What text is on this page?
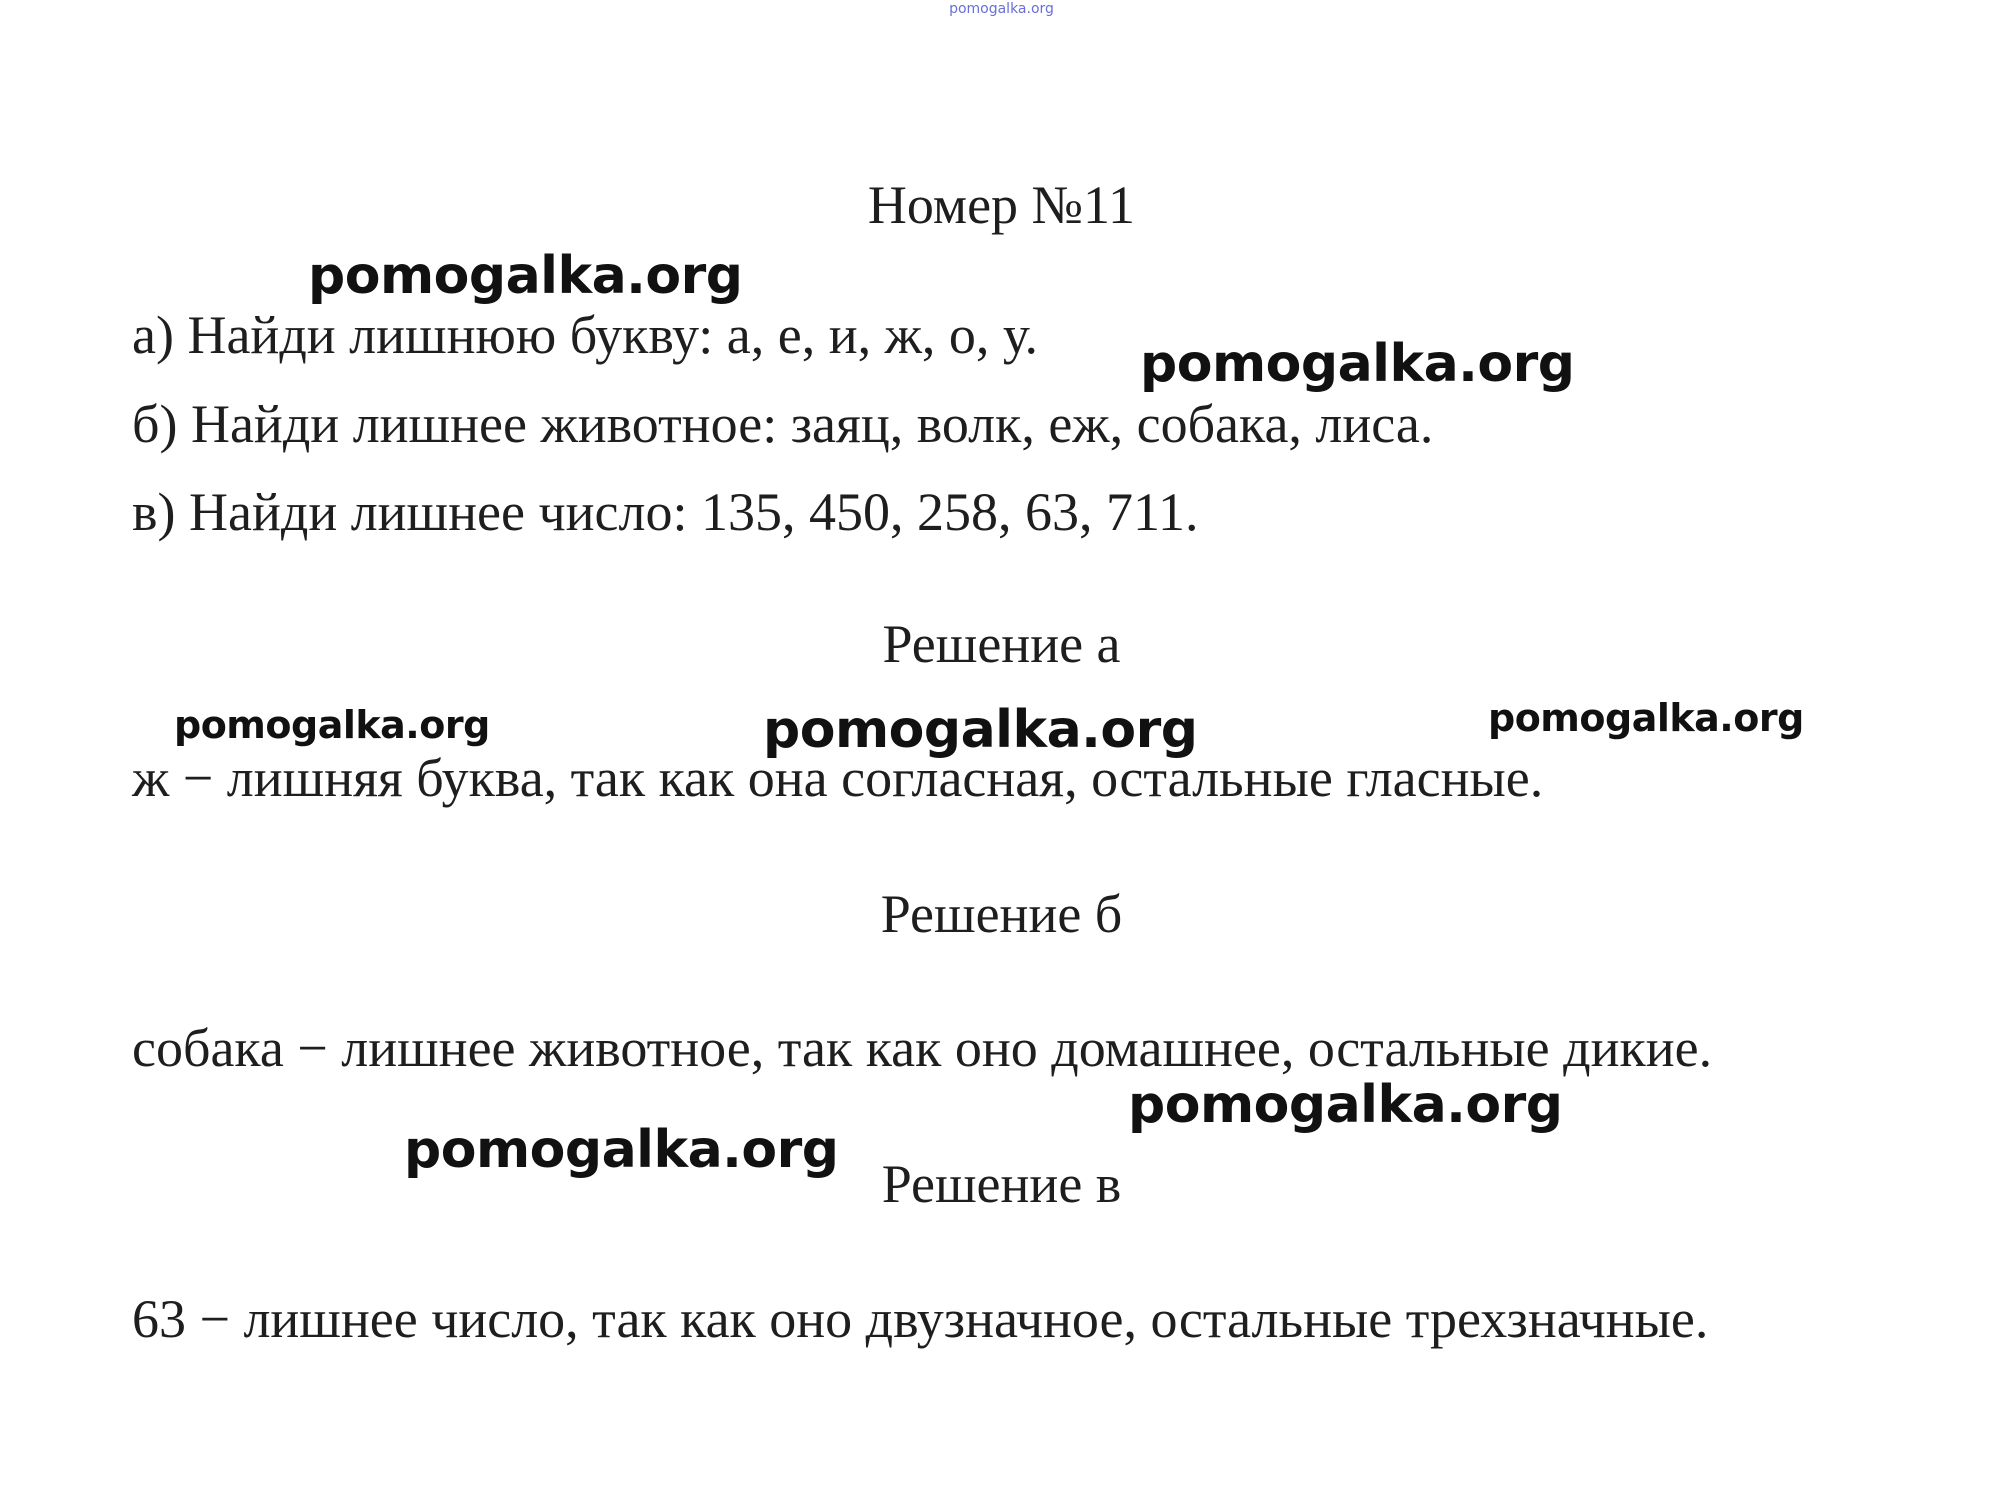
pomogalka.org
Номер №11
а) Найди лишнюю букву: а, е, и, ж, о, у.
б) Найди лишнее животное: заяц, волк, еж, собака, лиса.
в) Найди лишнее число: 135, 450, 258, 63, 711.
Решение а
ж − лишняя буква, так как она согласная, остальные гласные.
Решение б
собака − лишнее животное, так как оно домашнее, остальные дикие.
Решение в
63 − лишнее число, так как оно двузначное, остальные трехзначные.
pomogalka.org
pomogalka.org
pomogalka.org	pomogalka.org	pomogalka.org
pomogalka.org
pomogalka.org
